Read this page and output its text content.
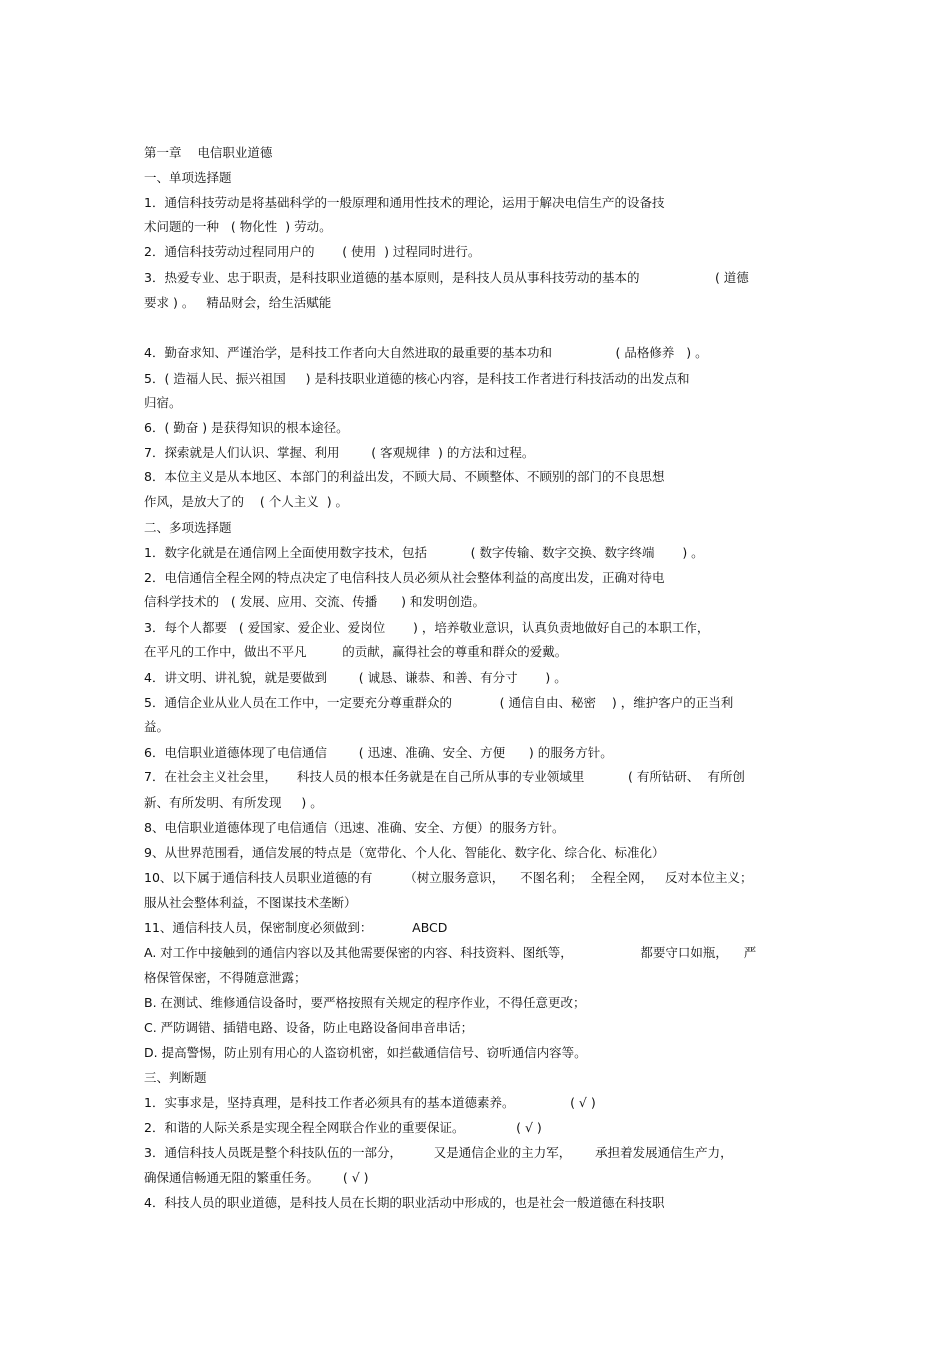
第一章    电信职业道德
一、单项选择题
1．通信科技劳动是将基础科学的一般原理和通用性技术的理论，运用于解决电信生产的设备技
术问题的一种   ( 物化性  ) 劳动。
2．通信科技劳动过程同用户的       ( 使用  ) 过程同时进行。
3．热爱专业、忠于职责，是科技职业道德的基本原则，是科技人员从事科技劳动的基本的                   ( 道德
要求 ) 。   精品财会，给生活赋能
4．勤奋求知、严谨治学，是科技工作者向大自然进取的最重要的基本功和                ( 品格修养   ) 。
5．( 造福人民、振兴祖国     ) 是科技职业道德的核心内容，是科技工作者进行科技活动的出发点和
归宿。
6．( 勤奋 ) 是获得知识的根本途径。
7．探索就是人们认识、掌握、利用        ( 客观规律  ) 的方法和过程。
8．本位主义是从本地区、本部门的利益出发，不顾大局、不顾整体、不顾别的部门的不良思想
作风，是放大了的    ( 个人主义  ) 。
二、多项选择题
1．数字化就是在通信网上全面使用数字技术，包括           ( 数字传输、数字交换、数字终端       ) 。
2．电信通信全程全网的特点决定了电信科技人员必须从社会整体利益的高度出发，正确对待电
信科学技术的   ( 发展、应用、交流、传播      ) 和发明创造。
3．每个人都要   ( 爱国家、爱企业、爱岗位       ) ，培养敬业意识，认真负责地做好自己的本职工作，
在平凡的工作中，做出不平凡         的贡献，赢得社会的尊重和群众的爱戴。
4．讲文明、讲礼貌，就是要做到        ( 诚恳、谦恭、和善、有分寸       ) 。
5．通信企业从业人员在工作中，一定要充分尊重群众的            ( 通信自由、秘密    ) ，维护客户的正当利
益。
6．电信职业道德体现了电信通信        ( 迅速、准确、安全、方便      ) 的服务方针。
7．在社会主义社会里，     科技人员的根本任务就是在自己所从事的专业领域里           ( 有所钻研、  有所创
新、有所发明、有所发现     ) 。
8、电信职业道德体现了电信通信（迅速、准确、安全、方便）的服务方针。
9、从世界范围看，通信发展的特点是（宽带化、个人化、智能化、数字化、综合化、标准化）
10、以下属于通信科技人员职业道德的有        （树立服务意识，    不图名利；  全程全网，   反对本位主义；
服从社会整体利益，不图谋技术垄断）
11、通信科技人员，保密制度必须做到：          ABCD
A. 对工作中接触到的通信内容以及其他需要保密的内容、科技资料、图纸等，                 都要守口如瓶，    严
格保管保密，不得随意泄露；
B. 在测试、维修通信设备时，要严格按照有关规定的程序作业，不得任意更改；
C. 严防调错、插错电路、设备，防止电路设备间串音串话；
D. 提高警惕，防止别有用心的人盗窃机密，如拦截通信信号、窃听通信内容等。
三、判断题
1．实事求是，坚持真理，是科技工作者必须具有的基本道德素养。              ( √ )
2．和谐的人际关系是实现全程全网联合作业的重要保证。             ( √ )
3．通信科技人员既是整个科技队伍的一部分，        又是通信企业的主力军，      承担着发展通信生产力，
确保通信畅通无阻的繁重任务。      ( √ )
4．科技人员的职业道德，是科技人员在长期的职业活动中形成的，也是社会一般道德在科技职
